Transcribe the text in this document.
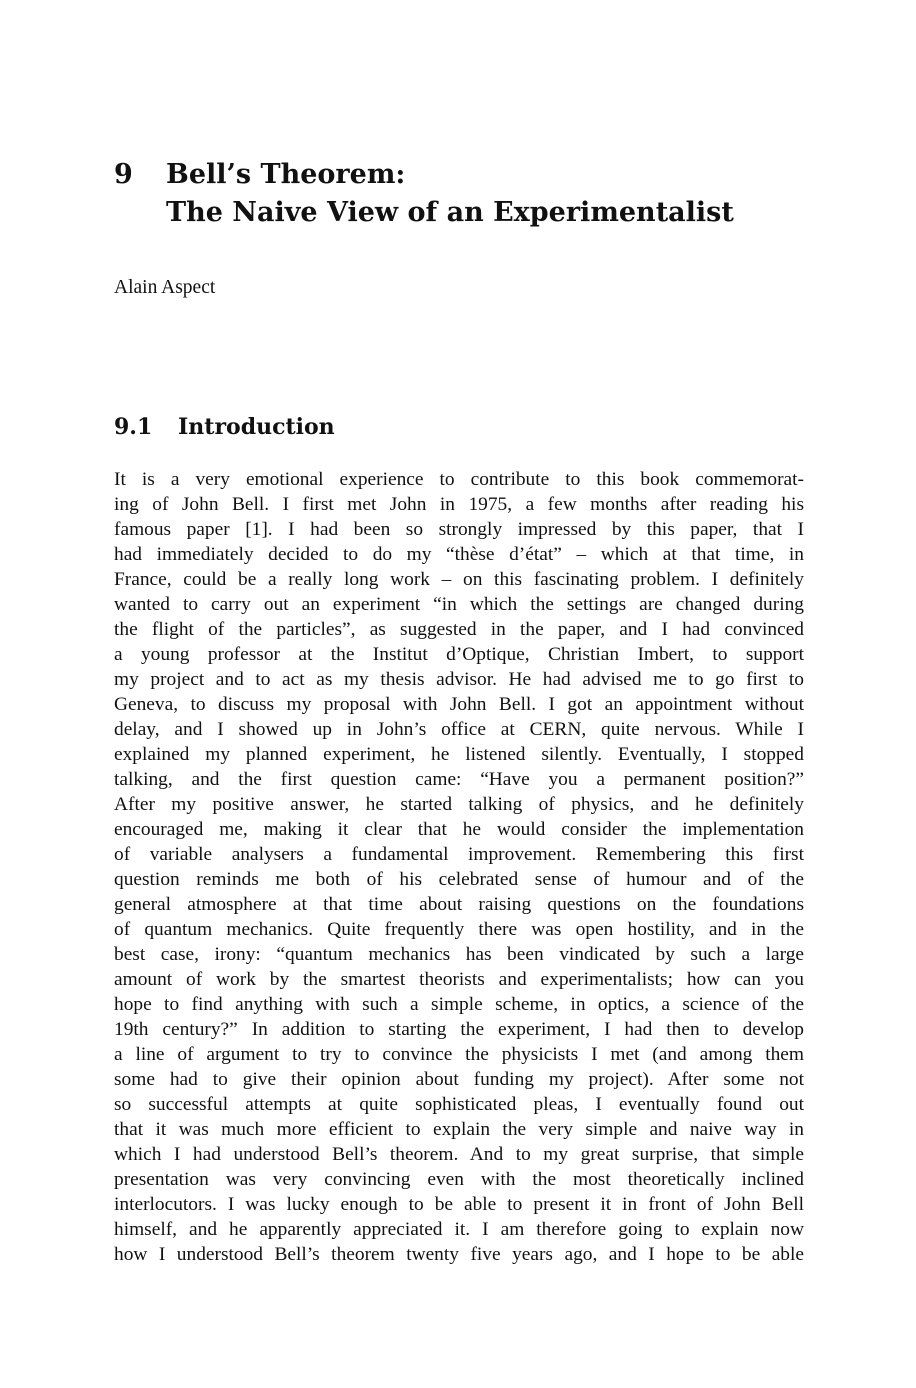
9	Bell’s Theorem:
The Naive View of an Experimentalist
Alain Aspect
9.1	Introduction
It is a very emotional experience to contribute to this book commemorat-
ing of John Bell. I first met John in 1975, a few months after reading his
famous paper [1]. I had been so strongly impressed by this paper, that I
had immediately decided to do my “thèse d’état” – which at that time, in
France, could be a really long work – on this fascinating problem. I definitely
wanted to carry out an experiment “in which the settings are changed during
the flight of the particles”, as suggested in the paper, and I had convinced
a young professor at the Institut d’Optique, Christian Imbert, to support
my project and to act as my thesis advisor. He had advised me to go first to
Geneva, to discuss my proposal with John Bell. I got an appointment without
delay, and I showed up in John’s office at CERN, quite nervous. While I
explained my planned experiment, he listened silently. Eventually, I stopped
talking, and the first question came: “Have you a permanent position?”
After my positive answer, he started talking of physics, and he definitely
encouraged me, making it clear that he would consider the implementation
of variable analysers a fundamental improvement. Remembering this first
question reminds me both of his celebrated sense of humour and of the
general atmosphere at that time about raising questions on the foundations
of quantum mechanics. Quite frequently there was open hostility, and in the
best case, irony: “quantum mechanics has been vindicated by such a large
amount of work by the smartest theorists and experimentalists; how can you
hope to find anything with such a simple scheme, in optics, a science of the
19th century?” In addition to starting the experiment, I had then to develop
a line of argument to try to convince the physicists I met (and among them
some had to give their opinion about funding my project). After some not
so successful attempts at quite sophisticated pleas, I eventually found out
that it was much more efficient to explain the very simple and naive way in
which I had understood Bell’s theorem. And to my great surprise, that simple
presentation was very convincing even with the most theoretically inclined
interlocutors. I was lucky enough to be able to present it in front of John Bell
himself, and he apparently appreciated it. I am therefore going to explain now
how I understood Bell’s theorem twenty five years ago, and I hope to be able
